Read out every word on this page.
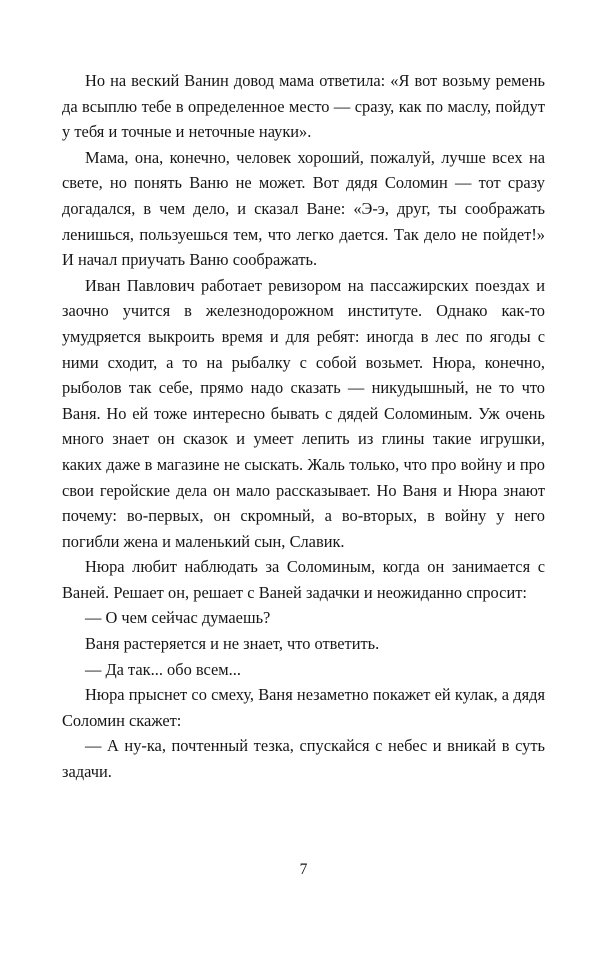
Но на веский Ванин довод мама ответила: «Я вот возьму ремень да всыплю тебе в определенное место — сразу, как по маслу, пойдут у тебя и точные и неточные науки».

Мама, она, конечно, человек хороший, пожалуй, лучше всех на свете, но понять Ваню не может. Вот дядя Соломин — тот сразу догадался, в чем дело, и сказал Ване: «Э-э, друг, ты соображать ленишься, пользуешься тем, что легко дается. Так дело не пойдет!» И начал приучать Ваню соображать.

Иван Павлович работает ревизором на пассажирских поездах и заочно учится в железнодорожном институте. Однако как-то умудряется выкроить время и для ребят: иногда в лес по ягоды с ними сходит, а то на рыбалку с собой возьмет. Нюра, конечно, рыболов так себе, прямо надо сказать — никудышный, не то что Ваня. Но ей тоже интересно бывать с дядей Соломиным. Уж очень много знает он сказок и умеет лепить из глины такие игрушки, каких даже в магазине не сыскать. Жаль только, что про войну и про свои геройские дела он мало рассказывает. Но Ваня и Нюра знают почему: во-первых, он скромный, а во-вторых, в войну у него погибли жена и маленький сын, Славик.

Нюра любит наблюдать за Соломиным, когда он занимается с Ваней. Решает он, решает с Ваней задачки и неожиданно спросит:

— О чем сейчас думаешь?

Ваня растеряется и не знает, что ответить.

— Да так... обо всем...

Нюра прыснет со смеху, Ваня незаметно покажет ей кулак, а дядя Соломин скажет:

— А ну-ка, почтенный тезка, спускайся с небес и вникай в суть задачи.

7
